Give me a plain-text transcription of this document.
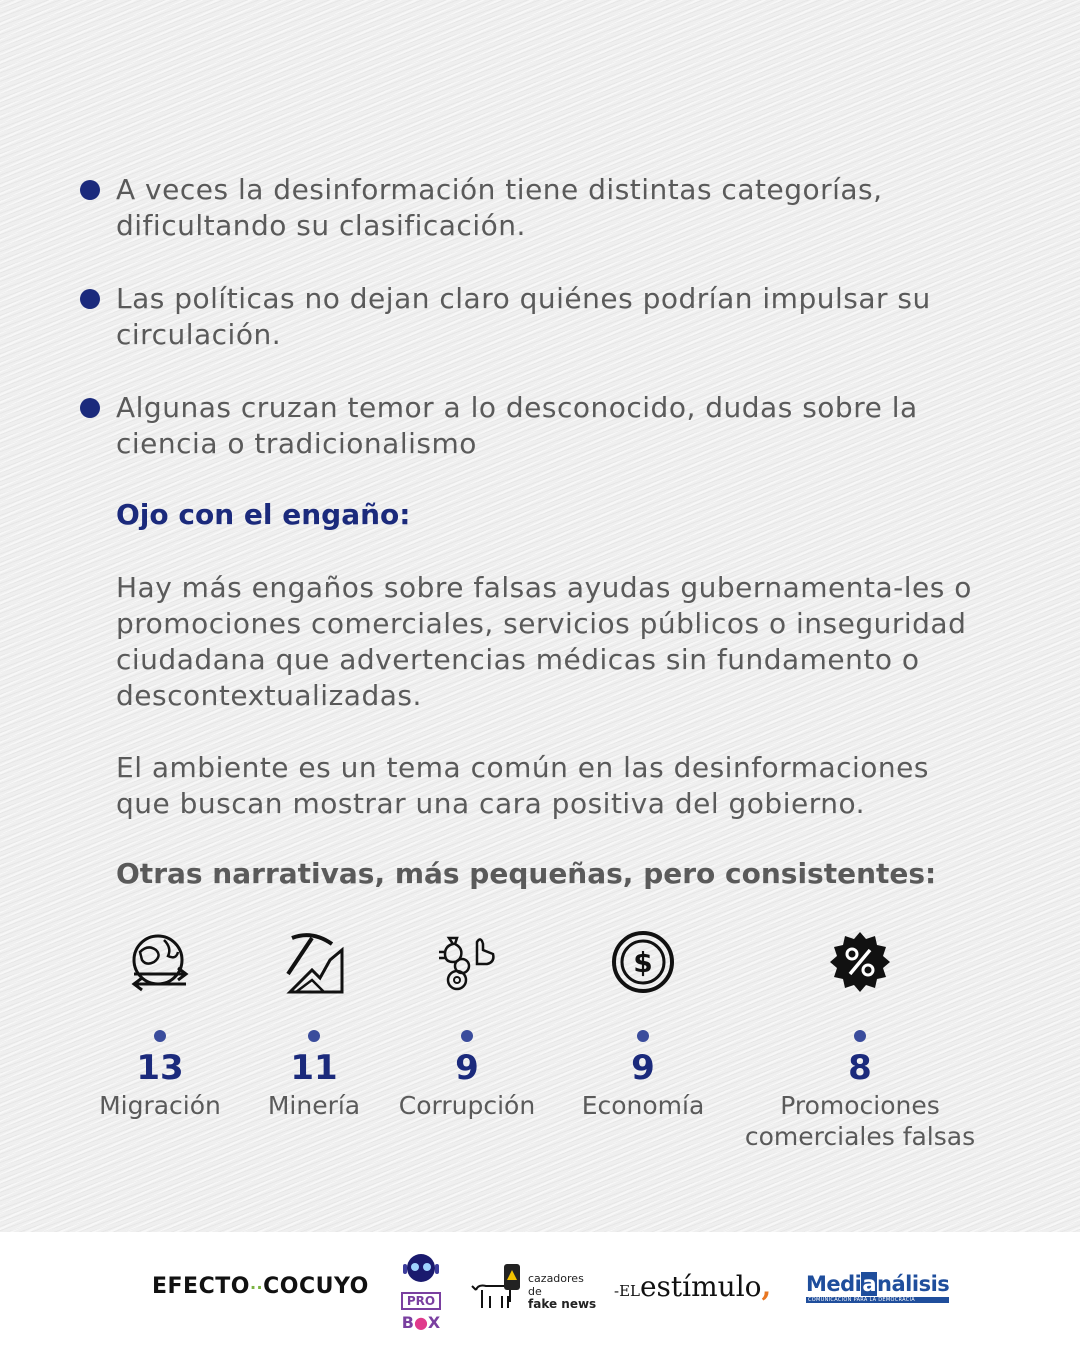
A veces la desinformación tiene distintas categorías, dificultando su clasificación.
Las políticas no dejan claro quiénes podrían impulsar su circulación.
Algunas cruzan temor a lo desconocido, dudas sobre la ciencia o tradicionalismo
Ojo con el engaño:
Hay más engaños sobre falsas ayudas gubernamenta-les o promociones comerciales, servicios públicos o inseguridad ciudadana que advertencias médicas sin fundamento o descontextualizadas.
El ambiente es un tema común en las desinformaciones que buscan mostrar una cara positiva del gobierno.
Otras narrativas, más pequeñas, pero consistentes:
13
Migración
11
Minería
9
Corrupción
$
9
Economía
8
Promociones comerciales falsas
EFECTO··COCUYO
PRO
B●X
cazadores de
fake news
-ELestímulo, Medianálisis
COMUNICACIÓN PARA LA DEMOCRACIA
